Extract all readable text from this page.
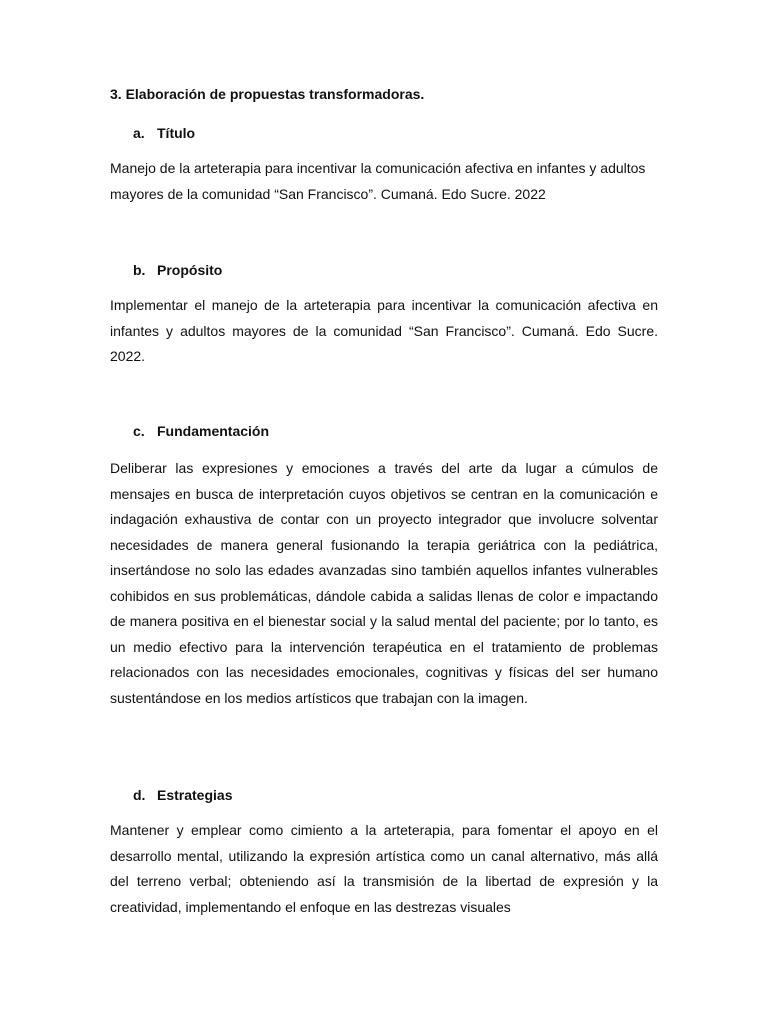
3. Elaboración de propuestas transformadoras.
a. Título
Manejo de la arteterapia para incentivar la comunicación afectiva en infantes y adultos mayores de la comunidad “San Francisco”. Cumaná. Edo Sucre. 2022
b. Propósito
Implementar el manejo de la arteterapia para incentivar la comunicación afectiva en infantes y adultos mayores de la comunidad “San Francisco”. Cumaná. Edo Sucre. 2022.
c. Fundamentación
Deliberar las expresiones y emociones a través del arte da lugar a cúmulos de mensajes en busca de interpretación cuyos objetivos se centran en la comunicación e indagación exhaustiva de contar con un proyecto integrador que involucre solventar necesidades de manera general fusionando la terapia geriátrica con la pediátrica, insertándose no solo las edades avanzadas sino también aquellos infantes vulnerables cohibidos en sus problemáticas, dándole cabida a salidas llenas de color e impactando de manera positiva en el bienestar social y la salud mental del paciente; por lo tanto, es un medio efectivo para la intervención terapéutica en el tratamiento de problemas relacionados con las necesidades emocionales, cognitivas y físicas del ser humano sustentándose en los medios artísticos que trabajan con la imagen.
d. Estrategias
Mantener y emplear como cimiento a la arteterapia, para fomentar el apoyo en el desarrollo mental, utilizando la expresión artística como un canal alternativo, más allá del terreno verbal; obteniendo así la transmisión de la libertad de expresión y la creatividad, implementando el enfoque en las destrezas visuales
